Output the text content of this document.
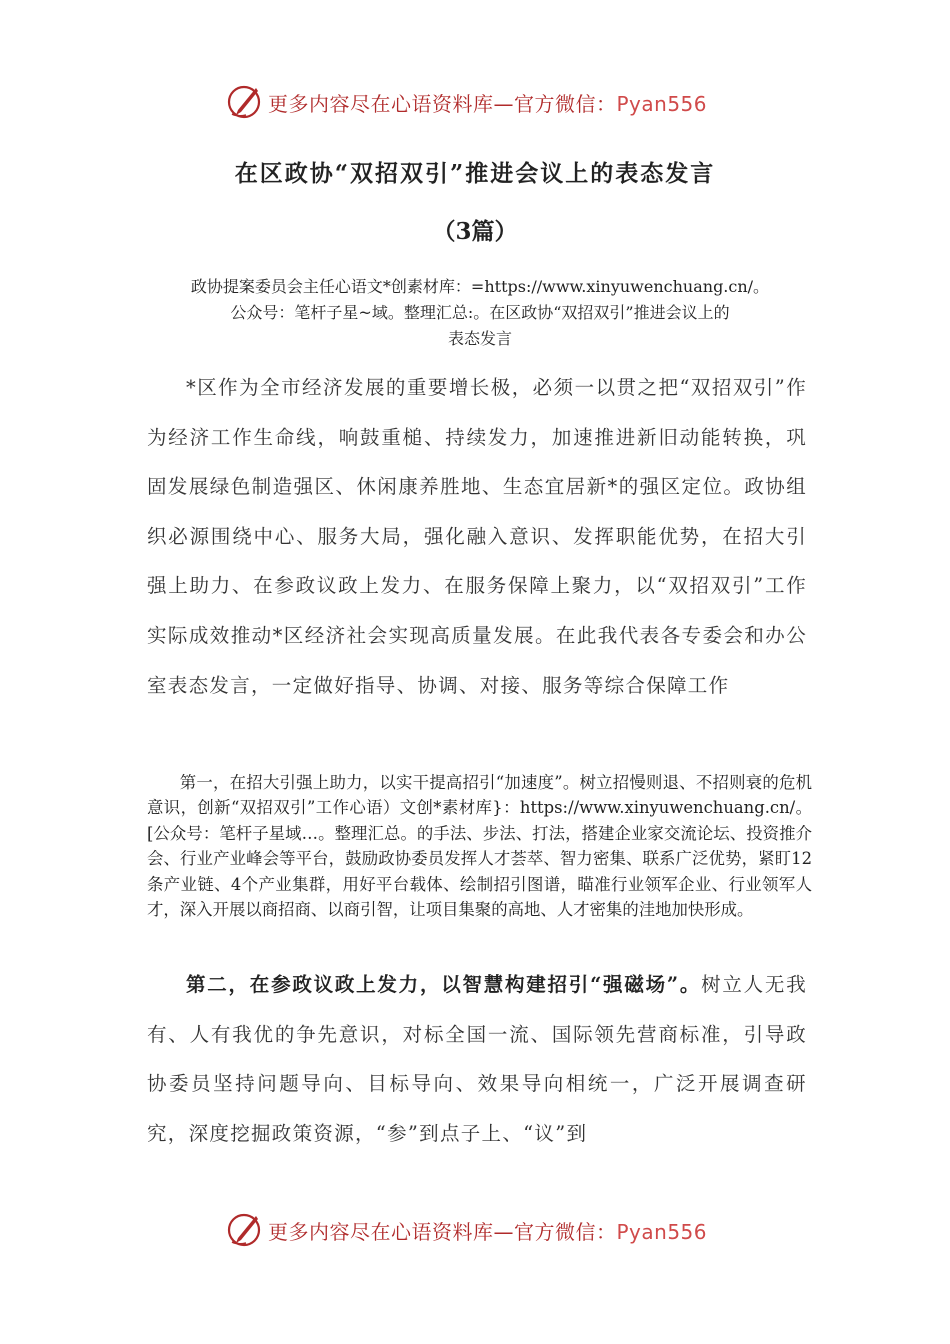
更多内容尽在心语资料库—官方微信：Pyan556
在区政协“双招双引”推进会议上的表态发言
（3篇）
政协提案委员会主任心语文*创素材库：=https://www.xinyuwenchuang.cn/。
公众号：笔杆子星~域。整理汇总:。在区政协“双招双引”推进会议上的
表态发言

*区作为全市经济发展的重要增长极，必须一以贯之把“双招双引”作为经济工作生命线，响鼓重槌、持续发力，加速推进新旧动能转换，巩固发展绿色制造强区、休闲康养胜地、生态宜居新*的强区定位。政协组织必源围绕中心、服务大局，强化融入意识、发挥职能优势，在招大引强上助力、在参政议政上发力、在服务保障上聚力，以“双招双引”工作实际成效推动*区经济社会实现高质量发展。在此我代表各专委会和办公室表态发言，一定做好指导、协调、对接、服务等综合保障工作

第一，在招大引强上助力，以实干提高招引“加速度”。树立招慢则退、不招则衰的危机意识，创新“双招双引”工作心语）文创*素材库}：https://www.xinyuwenchuang.cn/。[公众号：笔杆子星域…。整理汇总。的手法、步法、打法，搭建企业家交流论坛、投资推介会、行业产业峰会等平台，鼓励政协委员发挥人才荟萃、智力密集、联系广泛优势，紧盯12条产业链、4个产业集群，用好平台载体、绘制招引图谱，瞄准行业领军企业、行业领军人才，深入开展以商招商、以商引智，让项目集聚的高地、人才密集的洼地加快形成。

第二，在参政议政上发力，以智慧构建招引“强磁场”。树立人无我有、人有我优的争先意识，对标全国一流、国际领先营商标准，引导政协委员坚持问题导向、目标导向、效果导向相统一，广泛开展调查研究，深度挖掘政策资源，“参”到点子上、“议”到

更多内容尽在心语资料库—官方微信：Pyan556
